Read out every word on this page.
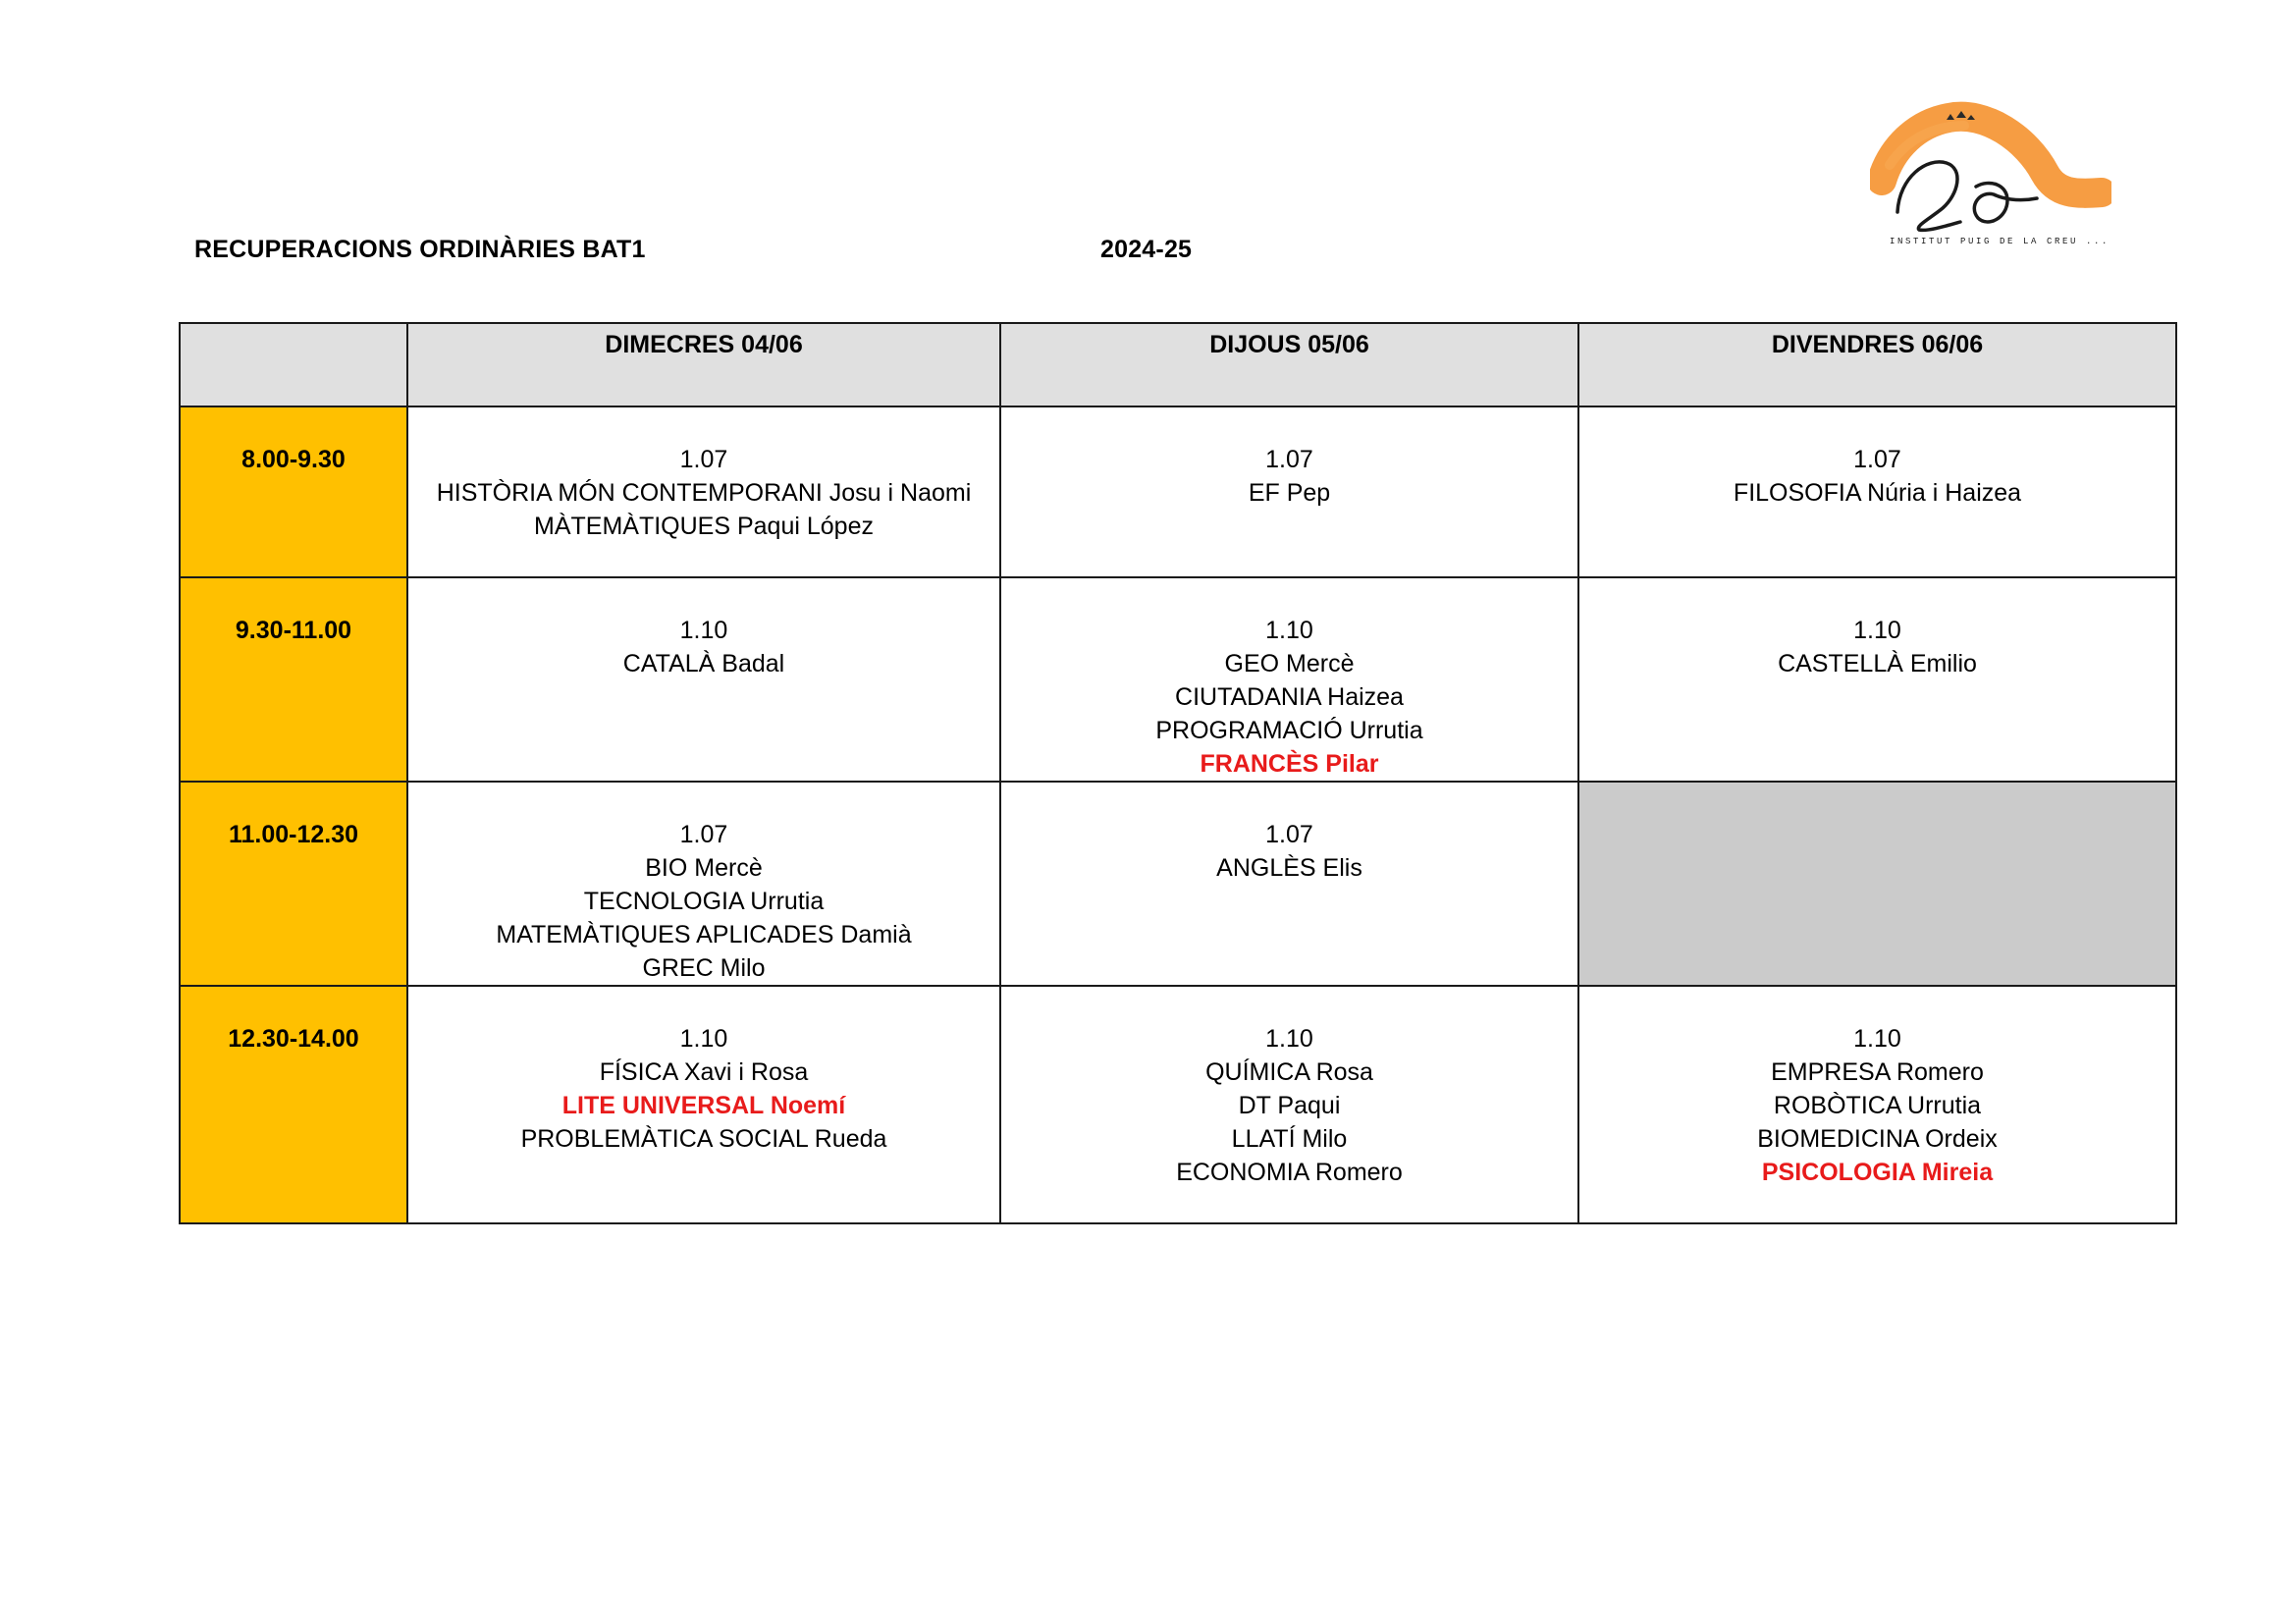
RECUPERACIONS ORDINÀRIES BAT1	2024-25	INSTITUT PUIG DE LA CREU ...
	DIMECRES 04/06	DIJOUS 05/06	DIVENDRES 06/06

8.00-9.30	1.07
HISTÒRIA MÓN CONTEMPORANI Josu i Naomi
MÀTEMÀTIQUES Paqui López	1.07
EF Pep	1.07
FILOSOFIA Núria i Haizea

9.30-11.00	1.10
CATALÀ Badal	1.10
GEO Mercè
CIUTADANIA Haizea
PROGRAMACIÓ Urrutia
FRANCÈS Pilar	1.10
CASTELLÀ Emilio

11.00-12.30	1.07
BIO Mercè
TECNOLOGIA Urrutia
MATEMÀTIQUES APLICADES Damià
GREC Milo	1.07
ANGLÈS Elis	

12.30-14.00	1.10
FÍSICA Xavi i Rosa
LITE UNIVERSAL Noemí
PROBLEMÀTICA SOCIAL Rueda	1.10
QUÍMICA Rosa
DT Paqui
LLATÍ Milo
ECONOMIA Romero	1.10
EMPRESA Romero
ROBÒTICA Urrutia
BIOMEDICINA Ordeix
PSICOLOGIA Mireia
